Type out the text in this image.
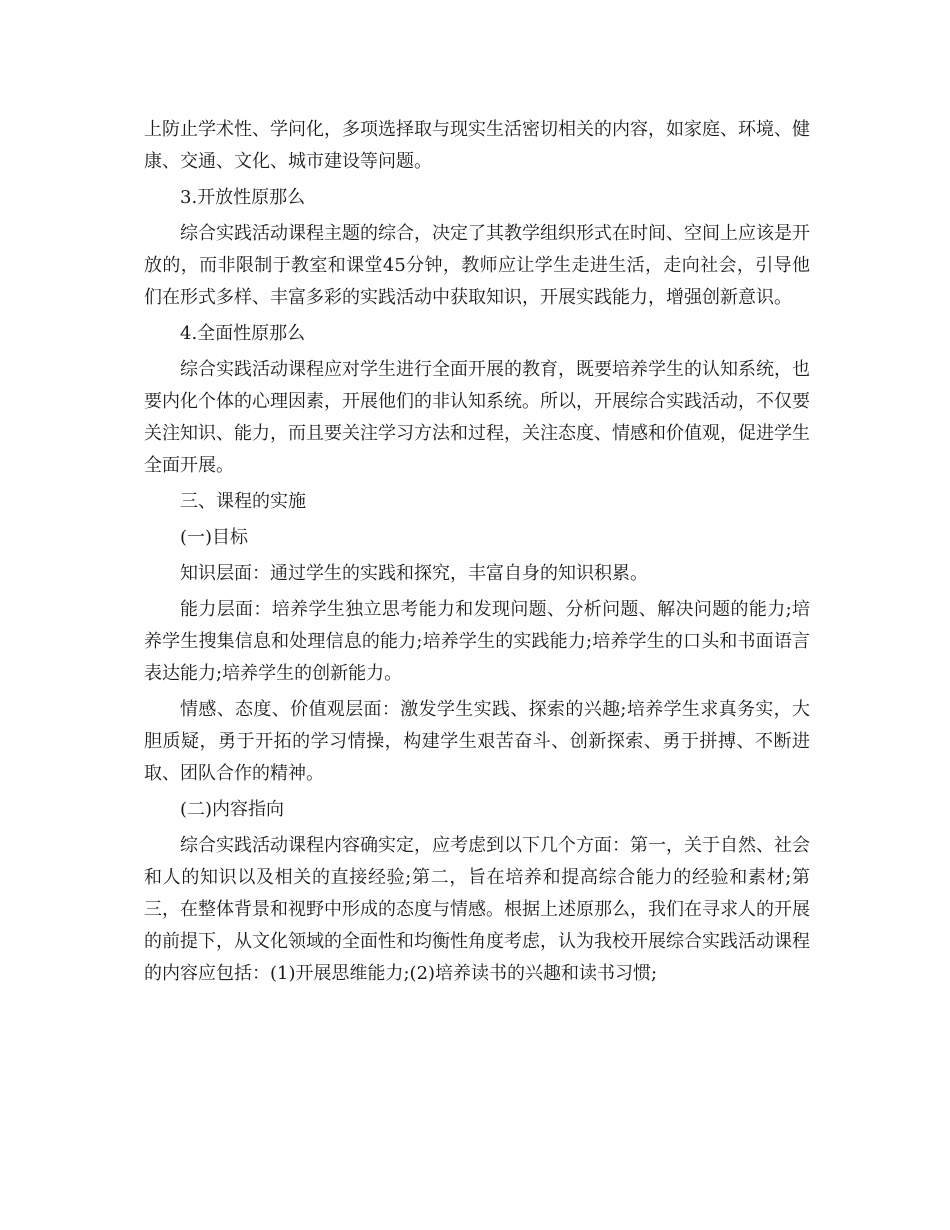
上防止学术性、学问化，多项选择取与现实生活密切相关的内容，如家庭、环境、健康、交通、文化、城市建设等问题。

3.开放性原那么

综合实践活动课程主题的综合，决定了其教学组织形式在时间、空间上应该是开放的，而非限制于教室和课堂45分钟，教师应让学生走进生活，走向社会，引导他们在形式多样、丰富多彩的实践活动中获取知识，开展实践能力，增强创新意识。

4.全面性原那么

综合实践活动课程应对学生进行全面开展的教育，既要培养学生的认知系统，也要内化个体的心理因素，开展他们的非认知系统。所以，开展综合实践活动，不仅要关注知识、能力，而且要关注学习方法和过程，关注态度、情感和价值观，促进学生全面开展。

三、课程的实施

(一)目标

知识层面：通过学生的实践和探究，丰富自身的知识积累。

能力层面：培养学生独立思考能力和发现问题、分析问题、解决问题的能力;培养学生搜集信息和处理信息的能力;培养学生的实践能力;培养学生的口头和书面语言表达能力;培养学生的创新能力。

情感、态度、价值观层面：激发学生实践、探索的兴趣;培养学生求真务实，大胆质疑，勇于开拓的学习情操，构建学生艰苦奋斗、创新探索、勇于拼搏、不断进取、团队合作的精神。

(二)内容指向

综合实践活动课程内容确实定，应考虑到以下几个方面：第一，关于自然、社会和人的知识以及相关的直接经验;第二，旨在培养和提高综合能力的经验和素材;第三，在整体背景和视野中形成的态度与情感。根据上述原那么，我们在寻求人的开展的前提下，从文化领域的全面性和均衡性角度考虑，认为我校开展综合实践活动课程的内容应包括：(1)开展思维能力;(2)培养读书的兴趣和读书习惯;
